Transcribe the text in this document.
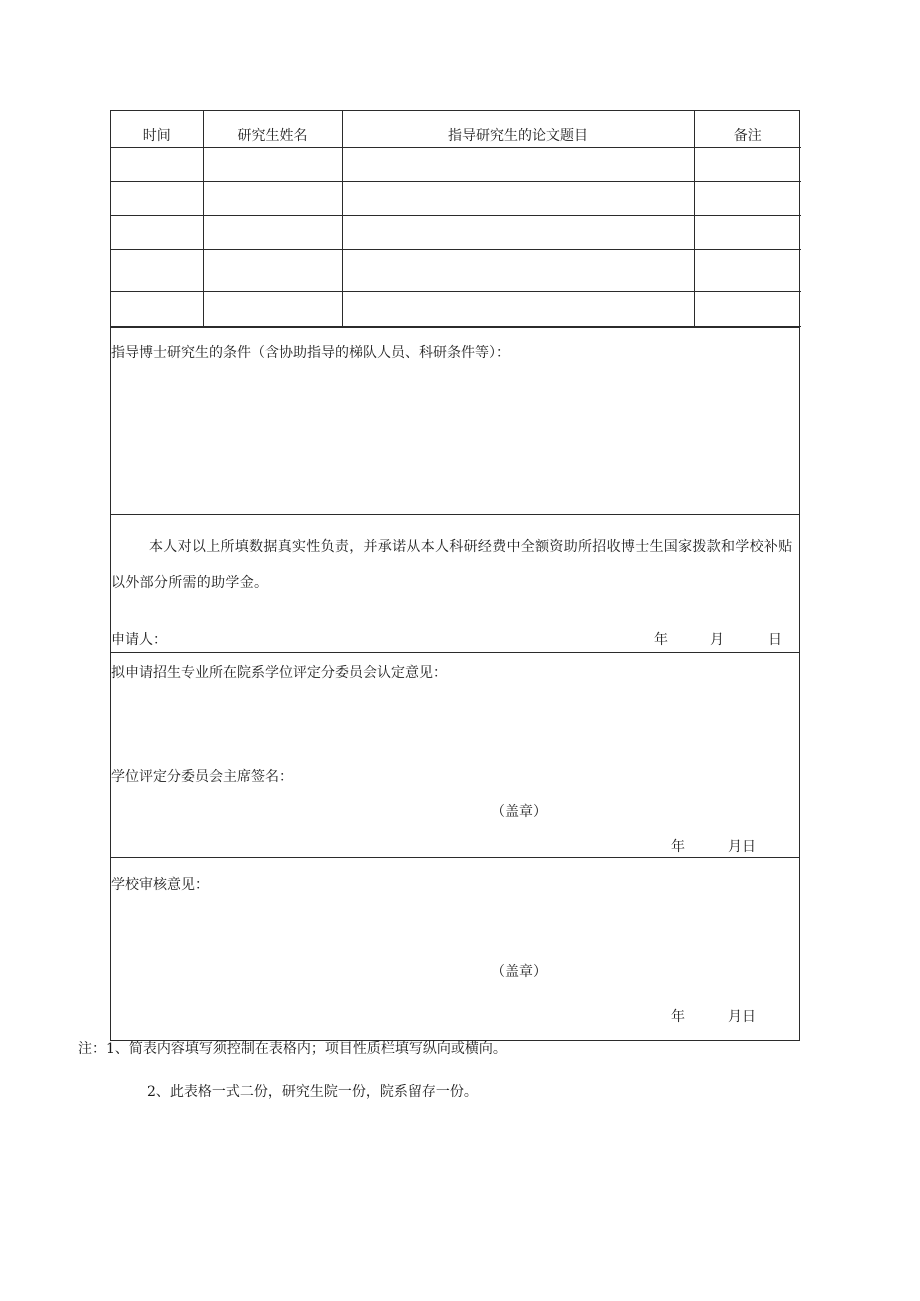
时间	研究生姓名	指导研究生的论文题目	备注

指导博士研究生的条件（含协助指导的梯队人员、科研条件等）：
本人对以上所填数据真实性负责，并承诺从本人科研经费中全额资助所招收博士生国家拨款和学校补贴以外部分所需的助学金。
申请人：	年	月	日
拟申请招生专业所在院系学位评定分委员会认定意见：
学位评定分委员会主席签名：
（盖章）
年	月日
学校审核意见：
（盖章）
年	月日
注：1、简表内容填写须控制在表格内；项目性质栏填写纵向或横向。
2、此表格一式二份，研究生院一份，院系留存一份。
